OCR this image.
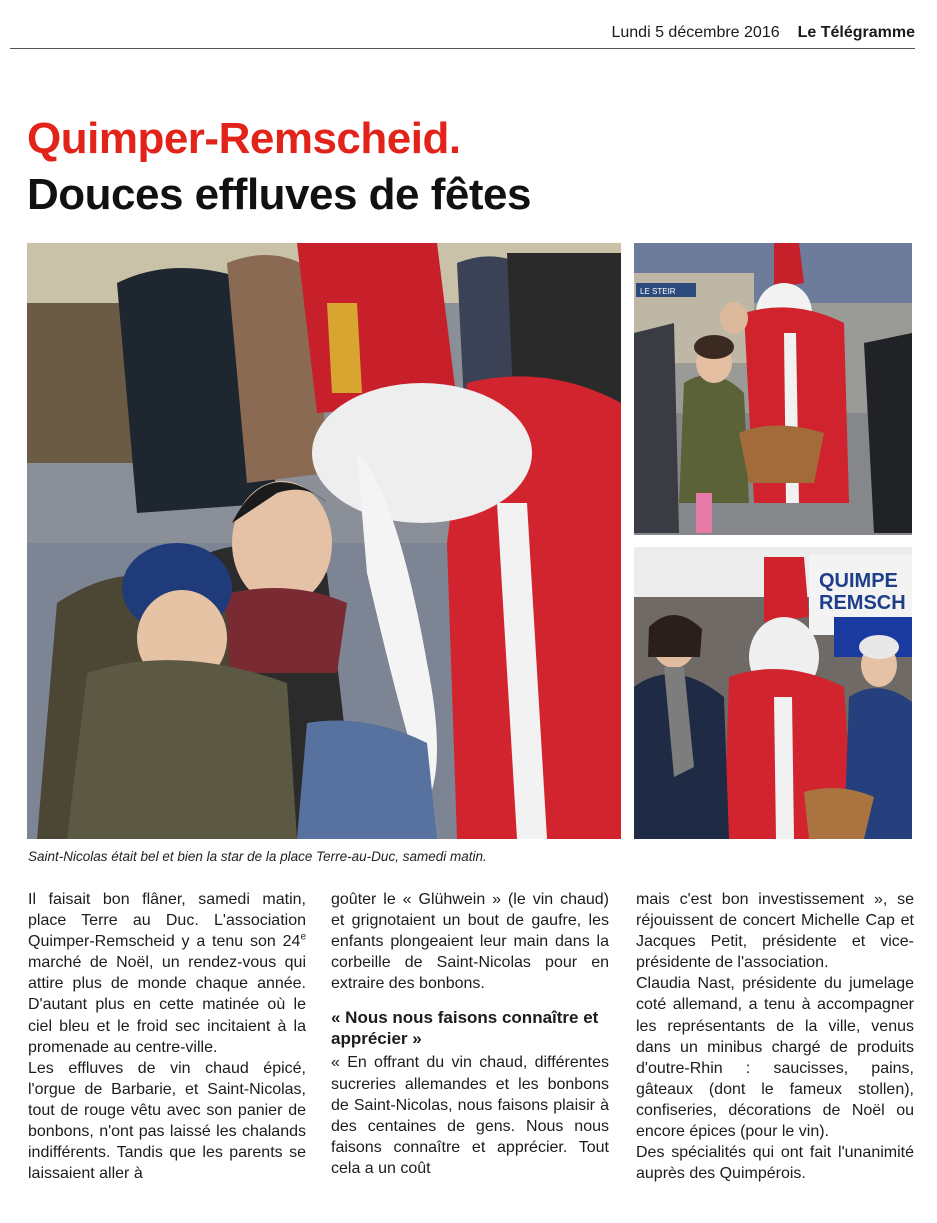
Lundi 5 décembre 2016 Le Télégramme
Quimper-Remscheid.
Douces effluves de fêtes
LE STEIR
QUIMPE
REMSCH
Saint-Nicolas était bel et bien la star de la place Terre-au-Duc, samedi matin.

Il faisait bon flâner, samedi matin, place Terre au Duc. L'association Quimper-Remscheid y a tenu son 24e marché de Noël, un rendez-vous qui attire plus de monde chaque année. D'autant plus en cette matinée où le ciel bleu et le froid sec incitaient à la promenade au centre-ville.

Les effluves de vin chaud épicé, l'orgue de Barbarie, et Saint-Nicolas, tout de rouge vêtu avec son panier de bonbons, n'ont pas laissé les chalands indifférents. Tandis que les parents se laissaient aller à

goûter le « Glühwein » (le vin chaud) et grignotaient un bout de gaufre, les enfants plongeaient leur main dans la corbeille de Saint-Nicolas pour en extraire des bonbons.

« Nous nous faisons connaître et apprécier »

« En offrant du vin chaud, différentes sucreries allemandes et les bonbons de Saint-Nicolas, nous faisons plaisir à des centaines de gens. Nous nous faisons connaître et apprécier. Tout cela a un coût

mais c'est bon investissement », se réjouissent de concert Michelle Cap et Jacques Petit, présidente et vice-présidente de l'association.

Claudia Nast, présidente du jumelage coté allemand, a tenu à accompagner les représentants de la ville, venus dans un minibus chargé de produits d'outre-Rhin : saucisses, pains, gâteaux (dont le fameux stollen), confiseries, décorations de Noël ou encore épices (pour le vin).

Des spécialités qui ont fait l'unanimité auprès des Quimpérois.
